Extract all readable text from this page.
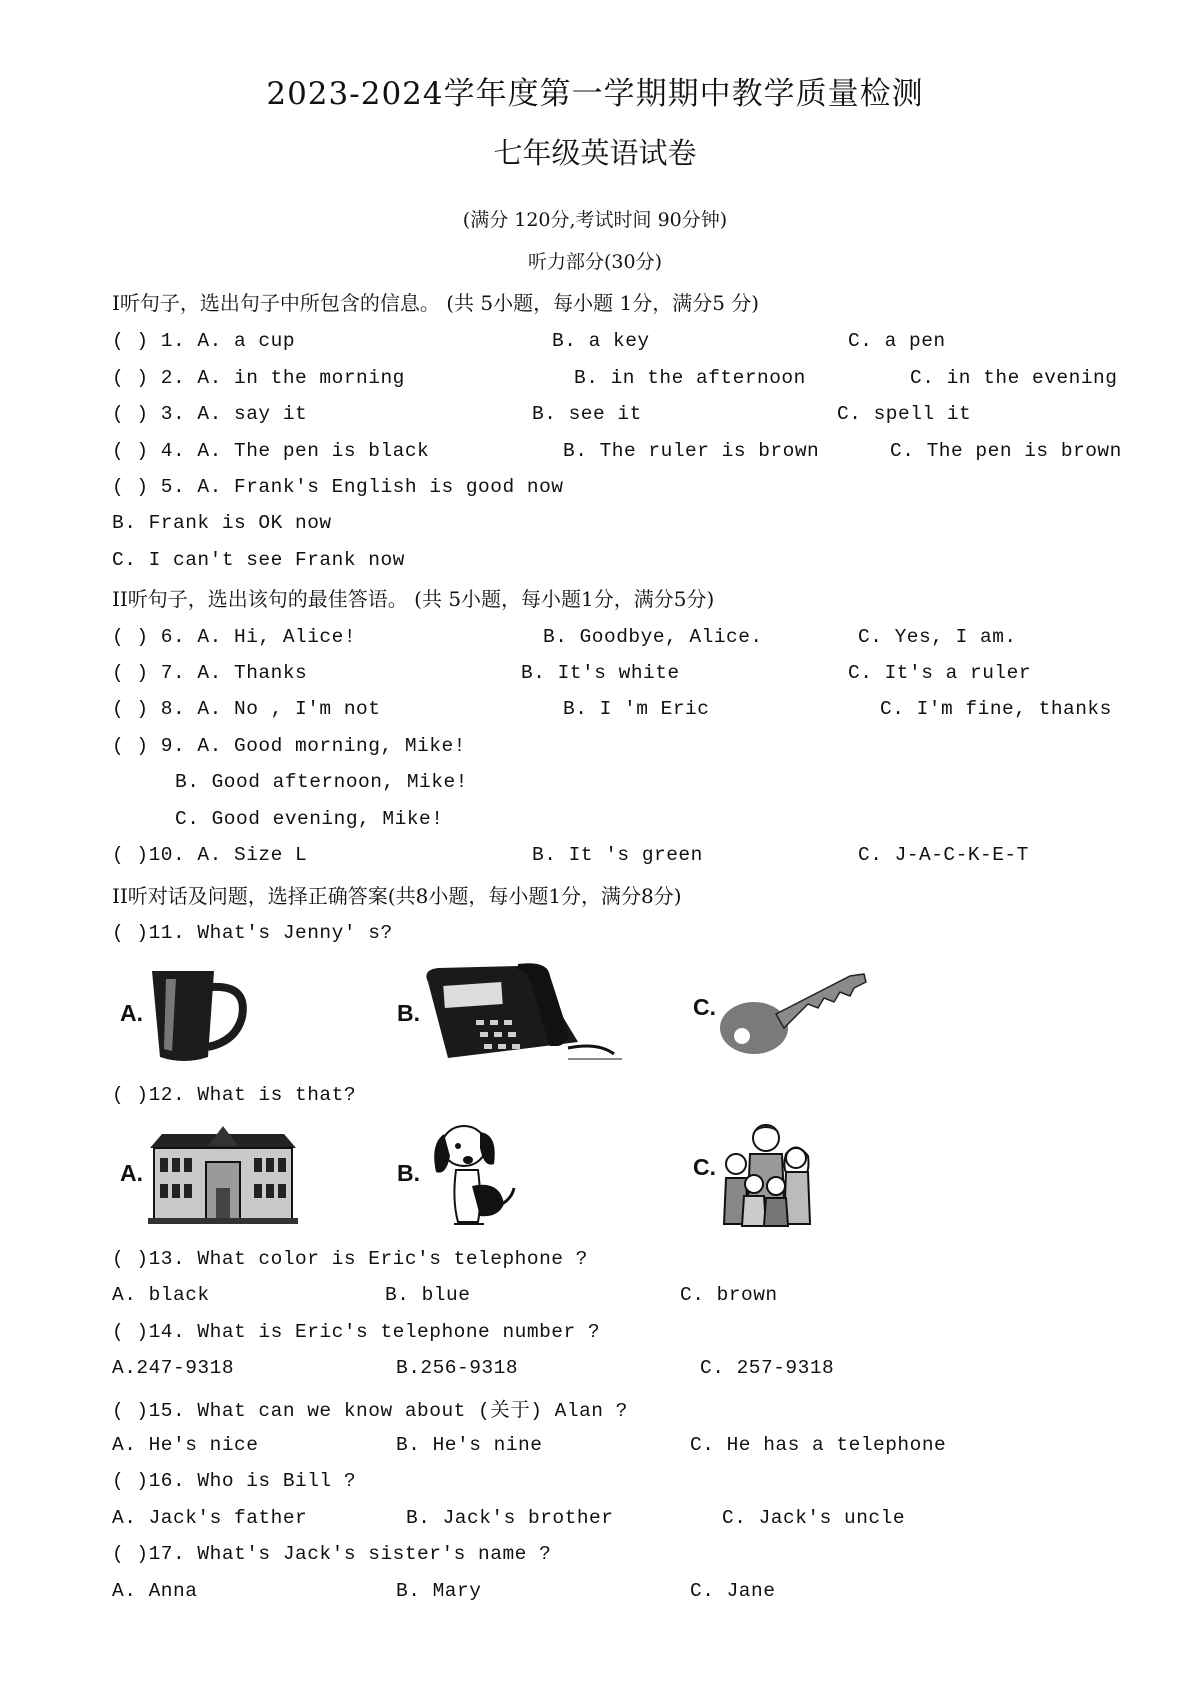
2023-2024学年度第一学期期中教学质量检测
七年级英语试卷
(满分 120分,考试时间 90分钟)
听力部分(30分)
I听句子，选出句子中所包含的信息。 (共 5小题，每小题 1分，满分5 分)
( ) 1. A. a cup	B. a key	C. a pen
( ) 2. A. in the morning	B. in the afternoon	C. in the evening
( ) 3. A. say it	B. see it	C. spell it
( ) 4. A. The pen is black	B. The ruler is brown	C. The pen is brown
( ) 5. A. Frank's English is good now
B. Frank is OK now
C. I can't see Frank now
II听句子，选出该句的最佳答语。 (共 5小题，每小题1分，满分5分)
( ) 6. A. Hi, Alice!	B. Goodbye, Alice.	C. Yes, I am.
( ) 7. A. Thanks	B. It's white	C. It's a ruler
( ) 8. A. No , I'm not	B. I 'm Eric	C. I'm fine, thanks
( ) 9. A. Good morning, Mike!
B. Good afternoon, Mike!
C. Good evening, Mike!
( )10. A. Size L	B. It 's green	C. J-A-C-K-E-T
II听对话及问题，选择正确答案(共8小题，每小题1分，满分8分)
( )11. What's Jenny' s?
A.	B.	C.
( )12. What is that?
A.	B.	C.
( )13. What color is Eric's telephone ?
A. black	B. blue	C. brown
( )14. What is Eric's telephone number ?
A.247-9318	B.256-9318	C. 257-9318
( )15. What can we know about (关于) Alan ?
A. He's nice	B. He's nine	C. He has a telephone
( )16. Who is Bill ?
A. Jack's father	B. Jack's brother	C. Jack's uncle
( )17. What's Jack's sister's name ?
A. Anna	B. Mary	C. Jane
